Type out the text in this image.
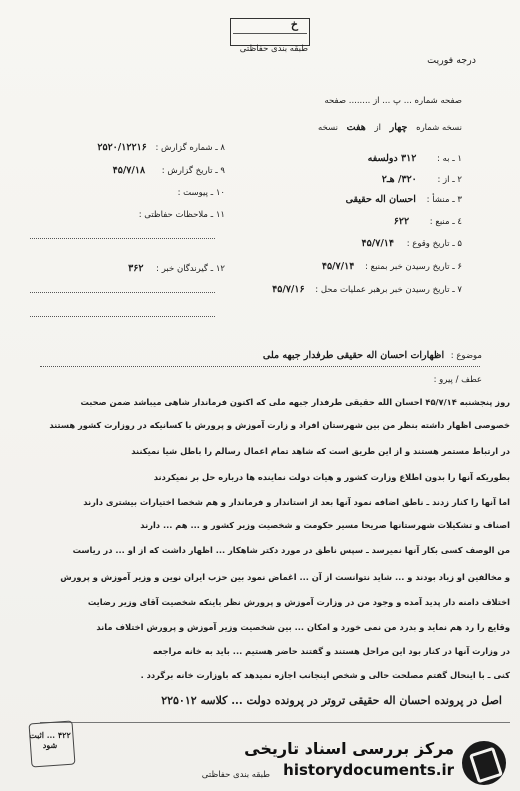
طبقه بندی حفاظتی
خ
درجه فوریت
صفحه شماره ... پ ... از ........ صفحه
نسخه شماره چهار از هفت نسخه
۱ ـ به : ۳۱۲ دولسفه
۲ ـ از : ۳۲۰/ هـ۲
۳ ـ منشأ : احسان اله حقیقی
٤ ـ منبع : ۶۲۲
۵ ـ تاریخ وقوع : ۴۵/۷/۱۴
۶ ـ تاریخ رسیدن خبر بمنبع : ۴۵/۷/۱۴
۷ ـ تاریخ رسیدن خبر برهبر عملیات محل : ۴۵/۷/۱۶
۸ ـ شماره گزارش : ۲۵۲۰/۱۲۲۱۶
۹ ـ تاریخ گزارش : ۴۵/۷/۱۸
۱۰ ـ پیوست :
۱۱ ـ ملاحظات حفاظتی :
۱۲ ـ گیرندگان خبر : ۳۶۲
موضوع : اظهارات احسان اله حقیقی طرفدار جبهه ملی
عطف / پیرو :
روز پنجشنبه ۴۵/۷/۱۴ احسان الله حقیقی طرفدار جبهه ملی که اکنون فرماندار شاهی میباشد ضمن صحبت
خصوصی اظهار داشته بنظر من بین شهرستان افراد و زارت آموزش و پرورش با کسانیکه در روزارت کشور هستند
در ارتباط مستمر هستند و از این طریق است که شاهد تمام اعمال رسالم را باطل شیا نمیکنند
بطوریکه آنها را بدون اطلاع وزارت کشور و هیات دولت نماینده ها درباره حل بر نمیکردند
اما آنها را کنار زدند ـ ناطق اضافه نمود آنها بعد از استاندار و فرماندار و هم شخصا اختیارات بیشتری دارند
اصناف و تشکیلات شهرستانها صریحا مسیر حکومت و شخصیت وزیر کشور و ... هم ... دارند
من الوصف کسی بکار آنها نمیرسد ـ سپس ناطق در مورد دکتر شاهکار ... اظهار داشت که از او ... در ریاست
و مخالفین او زیاد بودند و ... شاید نتوانست از آن ... اغماض نمود بین حزب ایران نوین و وزیر آموزش و پرورش
اختلاف دامنه دار پدید آمده و وجود من در وزارت آموزش و پرورش نظر باینکه شخصیت آقای وزیر رضایت
وقایع را رد هم نماید و بدرد من نمی خورد و امکان ... بین شخصیت وزیر آموزش و پرورش اختلاف ماند
در وزارت آنها در کنار بود این مراحل هستند و گفتند حاضر هستیم ... باید به خانه مراجعه
کنی ـ با اینحال گفتم مصلحت حالی و شخص اینجانب اجازه نمیدهد که باوزارت خانه برگردد .
اصل در پرونده احسان اله حقیقی تروتر در پرونده دولت ... کلاسه ۲۲۵۰۱۲
۴۲۲ ... اثبت شود
طبقه بندی حفاظتی
مرکز بررسی اسناد تاریخی
historydocuments.ir
